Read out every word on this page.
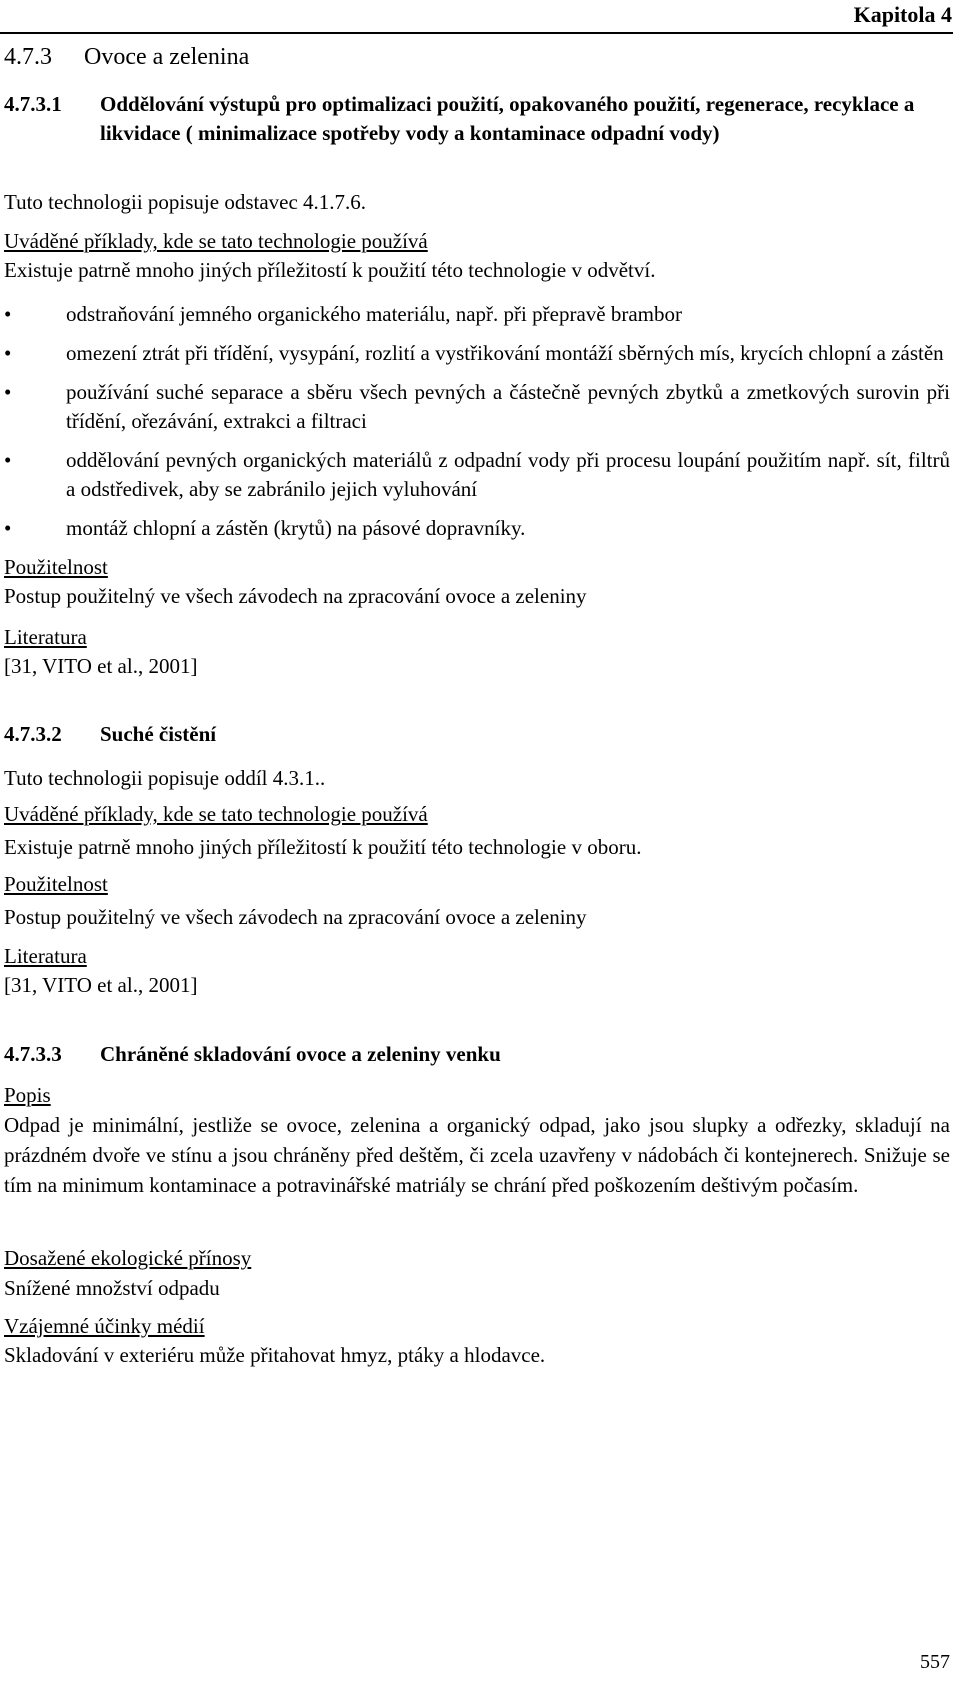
Kapitola 4
4.7.3 Ovoce a zelenina
4.7.3.1	Oddělování výstupů pro optimalizaci použití, opakovaného použití, regenerace, recyklace a likvidace ( minimalizace spotřeby vody a kontaminace odpadní vody)
Tuto technologii popisuje odstavec 4.1.7.6.
Uváděné příklady, kde se tato technologie používá
Existuje patrně mnoho jiných příležitostí k použití této technologie v odvětví.
• odstraňování jemného organického materiálu, např. při přepravě brambor
• omezení ztrát při třídění, vysypání, rozlití a vystřikování montáží sběrných mís, krycích chlopní a zástěn
• používání suché separace a sběru všech pevných a částečně pevných zbytků a zmetkových surovin při třídění, ořezávání, extrakci a filtraci
• oddělování pevných organických materiálů z odpadní vody při procesu loupání použitím např. sít, filtrů a odstředivek, aby se zabránilo jejich vyluhování
• montáž chlopní a zástěn (krytů) na pásové dopravníky.
Použitelnost
Postup použitelný ve všech závodech na zpracování ovoce a zeleniny
Literatura
[31, VITO et al., 2001]
4.7.3.2	Suché čistění
Tuto technologii popisuje oddíl 4.3.1..
Uváděné příklady, kde se tato technologie používá
Existuje patrně mnoho jiných příležitostí k použití této technologie v oboru.
Použitelnost
Postup použitelný ve všech závodech na zpracování ovoce a zeleniny
Literatura
[31, VITO et al., 2001]
4.7.3.3	Chráněné skladování ovoce a zeleniny venku
Popis
Odpad je minimální, jestliže se ovoce, zelenina a organický odpad, jako jsou slupky a odřezky, skladují na prázdném dvoře ve stínu a jsou chráněny před deštěm, či zcela uzavřeny v nádobách či kontejnerech. Snižuje se tím na minimum kontaminace a potravinářské matriály se chrání před poškozením deštivým počasím.
Dosažené ekologické přínosy
Snížené množství odpadu
Vzájemné účinky médií
Skladování v exteriéru může přitahovat hmyz, ptáky a hlodavce.
557
